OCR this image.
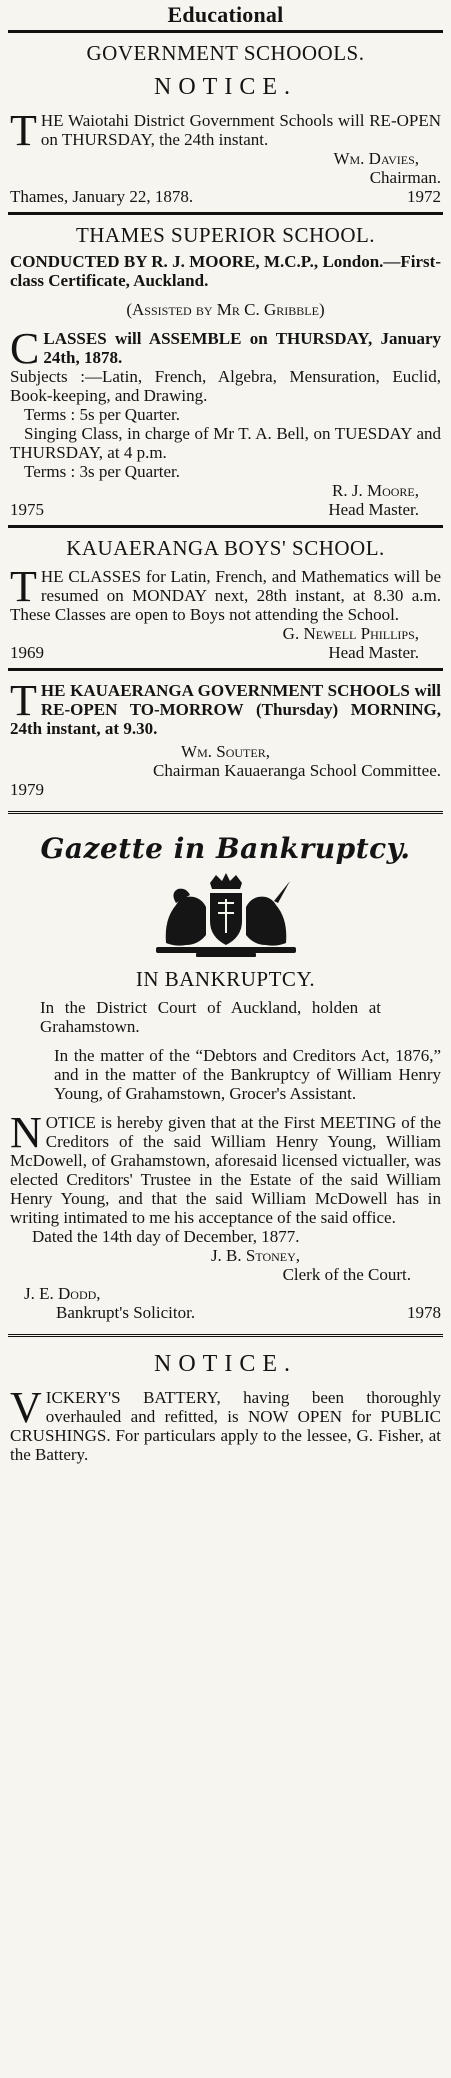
Educational
GOVERNMENT SCHOOOLS.
NOTICE.

T HE Waiotahi District Government Schools will RE-OPEN on THURSDAY, the 24th instant.

Wm. Davies,

Chairman.

Thames, January 22, 1878.	1972
THAMES SUPERIOR SCHOOL.

CONDUCTED BY R. J. MOORE, M.C.P., London.—First-class Certificate, Auckland.

(Assisted by Mr C. Gribble)

C LASSES will ASSEMBLE on THURSDAY, January 24th, 1878.

Subjects :—Latin, French, Algebra, Mensuration, Euclid, Book-keeping, and Drawing.

Terms : 5s per Quarter.

Singing Class, in charge of Mr T. A. Bell, on TUESDAY and THURSDAY, at 4 p.m.

Terms : 3s per Quarter.

R. J. Moore,

1975	Head Master.
KAUAERANGA BOYS' SCHOOL.

T HE CLASSES for Latin, French, and Mathematics will be resumed on MONDAY next, 28th instant, at 8.30 a.m. These Classes are open to Boys not attending the School.

G. Newell Phillips,

1969	Head Master.

T HE KAUAERANGA GOVERNMENT SCHOOLS will RE-OPEN TO-MORROW (Thursday) MORNING, 24th instant, at 9.30.

Wm. Souter,

Chairman Kauaeranga School Committee.

1979

Gazette in Bankruptcy.
IN BANKRUPTCY.

In the District Court of Auckland, holden at Grahamstown.

In the matter of the “Debtors and Creditors Act, 1876,” and in the matter of the Bankruptcy of William Henry Young, of Grahamstown, Grocer's Assistant.

N OTICE is hereby given that at the First MEETING of the Creditors of the said William Henry Young, William McDowell, of Grahamstown, aforesaid licensed victualler, was elected Creditors' Trustee in the Estate of the said William Henry Young, and that the said William McDowell has in writing intimated to me his acceptance of the said office.

Dated the 14th day of December, 1877.

J. B. Stoney,

Clerk of the Court.

J. E. Dodd,

Bankrupt's Solicitor.	1978
NOTICE.

V ICKERY'S BATTERY, having been thoroughly overhauled and refitted, is NOW OPEN for PUBLIC CRUSHINGS. For particulars apply to the lessee, G. Fisher, at the Battery.
